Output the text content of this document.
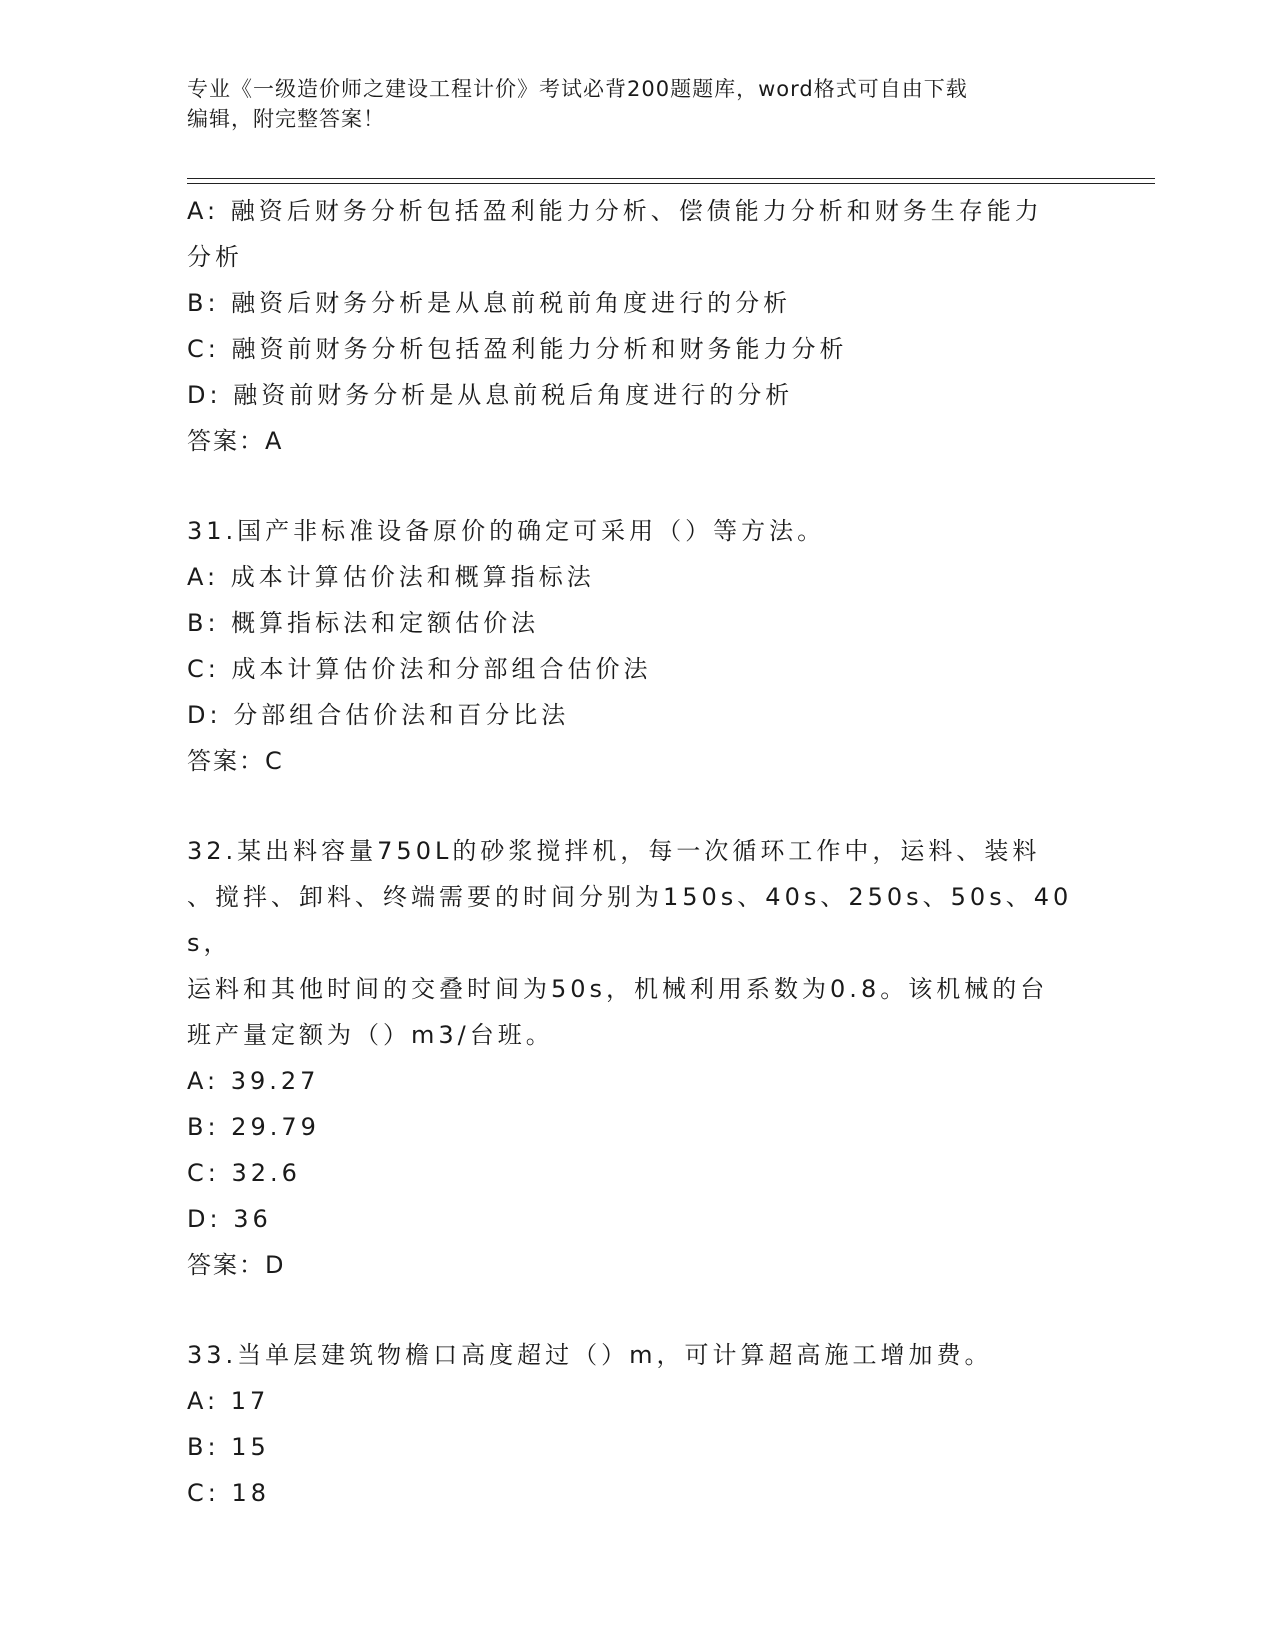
专业《一级造价师之建设工程计价》考试必背200题题库，word格式可自由下载
编辑，附完整答案！
A: 融资后财务分析包括盈利能力分析、偿债能力分析和财务生存能力
分析
B: 融资后财务分析是从息前税前角度进行的分析
C: 融资前财务分析包括盈利能力分析和财务能力分析
D: 融资前财务分析是从息前税后角度进行的分析
答案：A
31.国产非标准设备原价的确定可采用（）等方法。
A: 成本计算估价法和概算指标法
B: 概算指标法和定额估价法
C: 成本计算估价法和分部组合估价法
D: 分部组合估价法和百分比法
答案：C
32.某出料容量750L的砂浆搅拌机，每一次循环工作中，运料、装料
、搅拌、卸料、终端需要的时间分别为150s、40s、250s、50s、40s，
运料和其他时间的交叠时间为50s，机械利用系数为0.8。该机械的台
班产量定额为（）m3/台班。
A: 39.27
B: 29.79
C: 32.6
D: 36
答案：D
33.当单层建筑物檐口高度超过（）m，可计算超高施工增加费。
A: 17
B: 15
C: 18
